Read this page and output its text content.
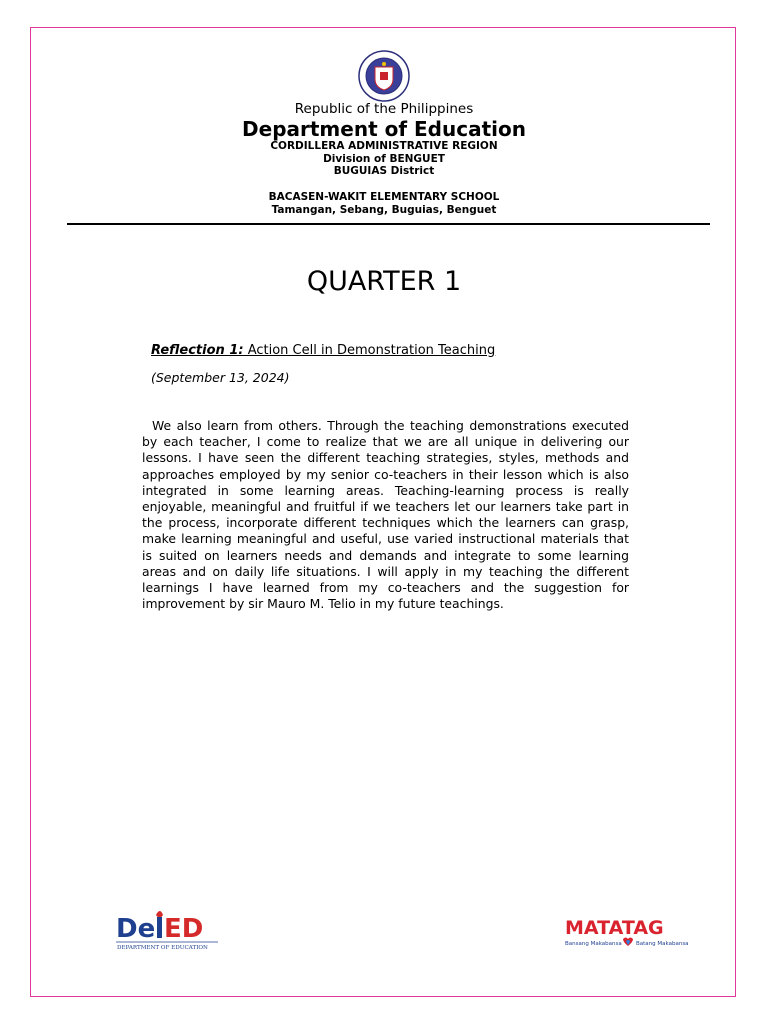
Republic of the Philippines
Department of Education
CORDILLERA ADMINISTRATIVE REGION
Division of BENGUET
BUGUIAS District
BACASEN-WAKIT ELEMENTARY SCHOOL
Tamangan, Sebang, Buguias, Benguet
QUARTER 1
Reflection 1: Action Cell in Demonstration Teaching
(September 13, 2024)

We also learn from others. Through the teaching demonstrations executed by each teacher, I come to realize that we are all unique in delivering our lessons. I have seen the different teaching strategies, styles, methods and approaches employed by my senior co-teachers in their lesson which is also integrated in some learning areas. Teaching-learning process is really enjoyable, meaningful and fruitful if we teachers let our learners take part in the process, incorporate different techniques which the learners can grasp, make learning meaningful and useful, use varied instructional materials that is suited on learners needs and demands and integrate to some learning areas and on daily life situations. I will apply in my teaching the different learnings I have learned from my co-teachers and the suggestion for improvement by sir Mauro M. Telio in my future teachings.

De ED
DEPARTMENT OF EDUCATION
MATATAG
Bansang Makabansa	Batang Makabansa
